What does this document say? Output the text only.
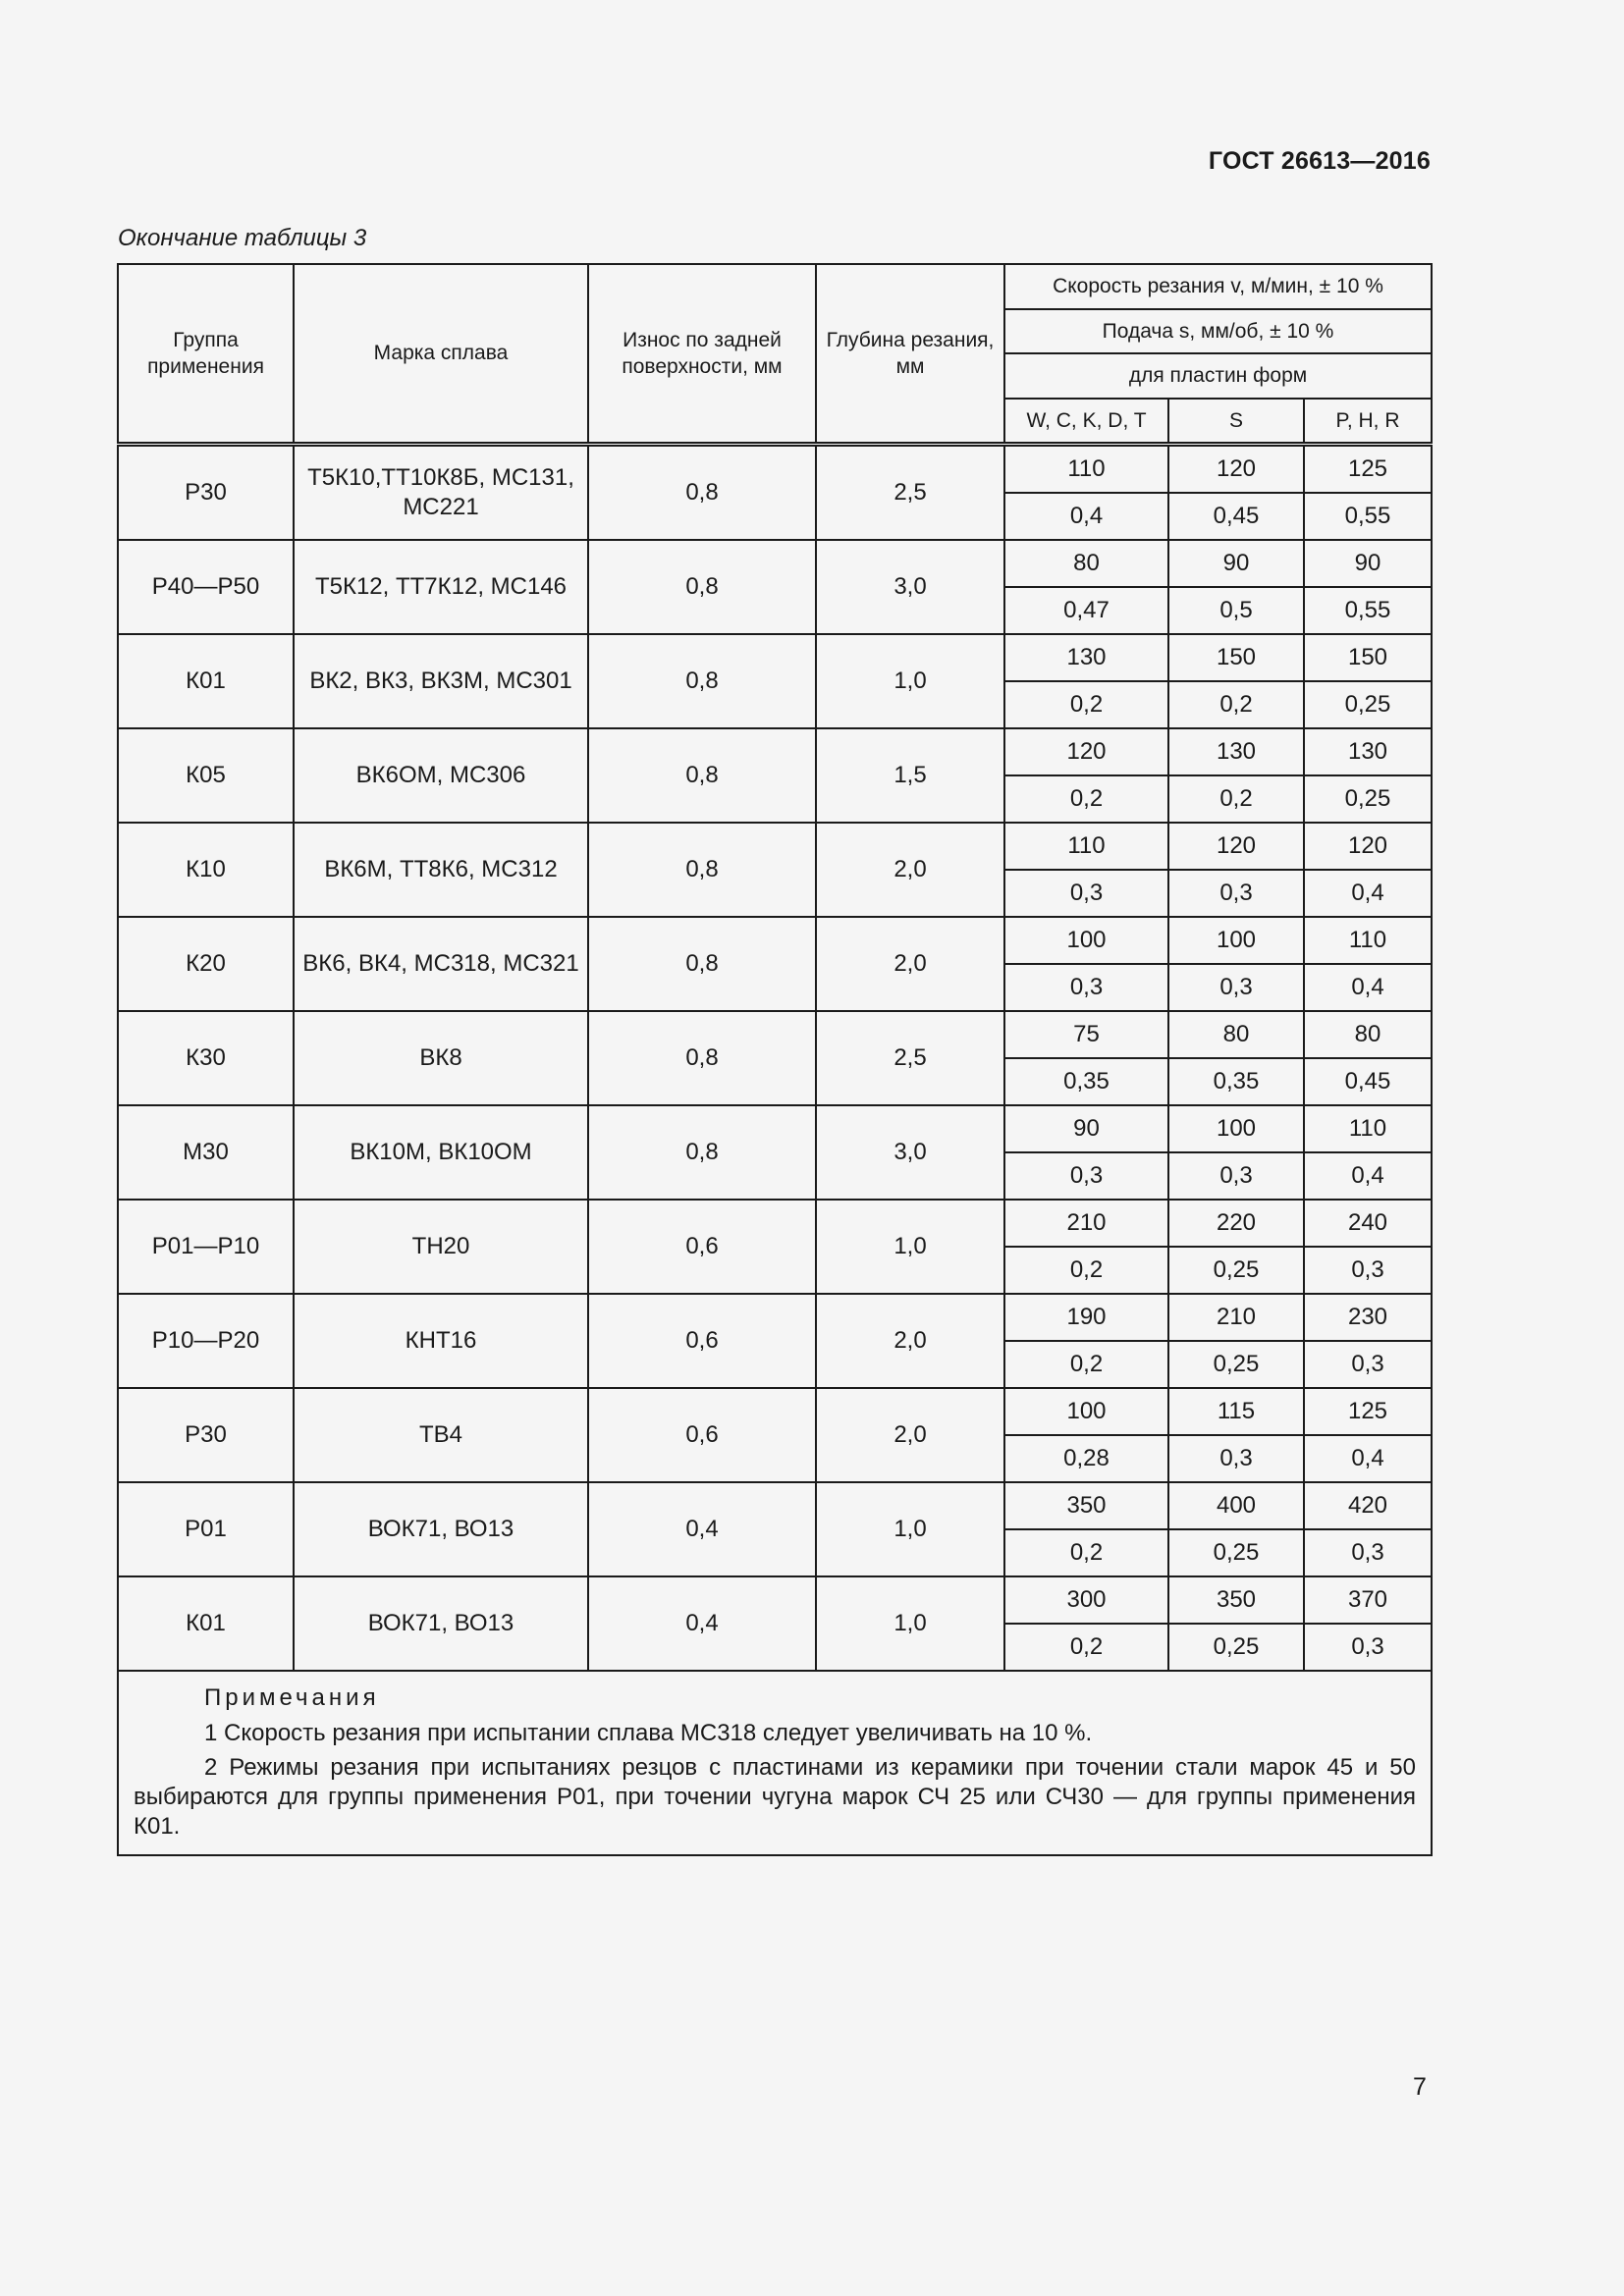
ГОСТ 26613—2016
Окончание таблицы 3
Группа применения	Марка сплава	Износ по задней поверхности, мм	Глубина резания, мм	Скорость резания v, м/мин, ± 10 %		
				Подача s, мм/об, ± 10 %		
				для пластин форм		
				W, C, K, D, T	S	P, H, R
Р30	Т5К10,ТТ10К8Б, МС131, МС221	0,8	2,5	110	120	125
				0,4	0,45	0,55
Р40—Р50	Т5К12, ТТ7К12, МС146	0,8	3,0	80	90	90
				0,47	0,5	0,55
К01	ВК2, ВК3, ВК3М, МС301	0,8	1,0	130	150	150
				0,2	0,2	0,25
К05	ВК6ОМ, МС306	0,8	1,5	120	130	130
				0,2	0,2	0,25
К10	ВК6М, ТТ8К6, МС312	0,8	2,0	110	120	120
				0,3	0,3	0,4
К20	ВК6, ВК4, МС318, МС321	0,8	2,0	100	100	110
				0,3	0,3	0,4
К30	ВК8	0,8	2,5	75	80	80
				0,35	0,35	0,45
М30	ВК10М, ВК10ОМ	0,8	3,0	90	100	110
				0,3	0,3	0,4
Р01—Р10	ТН20	0,6	1,0	210	220	240
				0,2	0,25	0,3
Р10—Р20	КНТ16	0,6	2,0	190	210	230
				0,2	0,25	0,3
Р30	ТВ4	0,6	2,0	100	115	125
				0,28	0,3	0,4
Р01	ВОК71, ВО13	0,4	1,0	350	400	420
				0,2	0,25	0,3
К01	ВОК71, ВО13	0,4	1,0	300	350	370
				0,2	0,25	0,3

Примечания
1 Скорость резания при испытании сплава МС318 следует увеличивать на 10 %.
2 Режимы резания при испытаниях резцов с пластинами из керамики при точении стали марок 45 и 50 выбираются для группы применения Р01, при точении чугуна марок СЧ 25 или СЧ30 — для группы применения К01.						
7
